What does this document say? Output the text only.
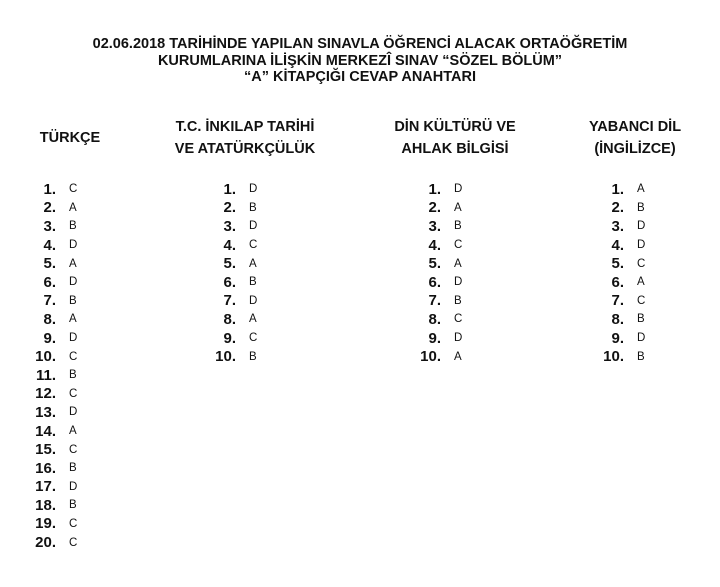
02.06.2018 TARİHİNDE YAPILAN SINAVLA ÖĞRENCİ ALACAK ORTAÖĞRETİM
KURUMLARINA İLİŞKİN MERKEZÎ SINAV “SÖZEL BÖLÜM”
“A” KİTAPÇIĞI CEVAP ANAHTARI
TÜRKÇE
T.C. İNKILAP TARİHİ
VE ATATÜRKÇÜLÜK
DİN KÜLTÜRÜ VE
AHLAK BİLGİSİ
YABANCI DİL
(İNGİLİZCE)
1. C
2. A
3. B
4. D
5. A
6. D
7. B
8. A
9. D
10. C
11. B
12. C
13. D
14. A
15. C
16. B
17. D
18. B
19. C
20. C
1. D
2. B
3. D
4. C
5. A
6. B
7. D
8. A
9. C
10. B
1. D
2. A
3. B
4. C
5. A
6. D
7. B
8. C
9. D
10. A
1. A
2. B
3. D
4. D
5. C
6. A
7. C
8. B
9. D
10. B
